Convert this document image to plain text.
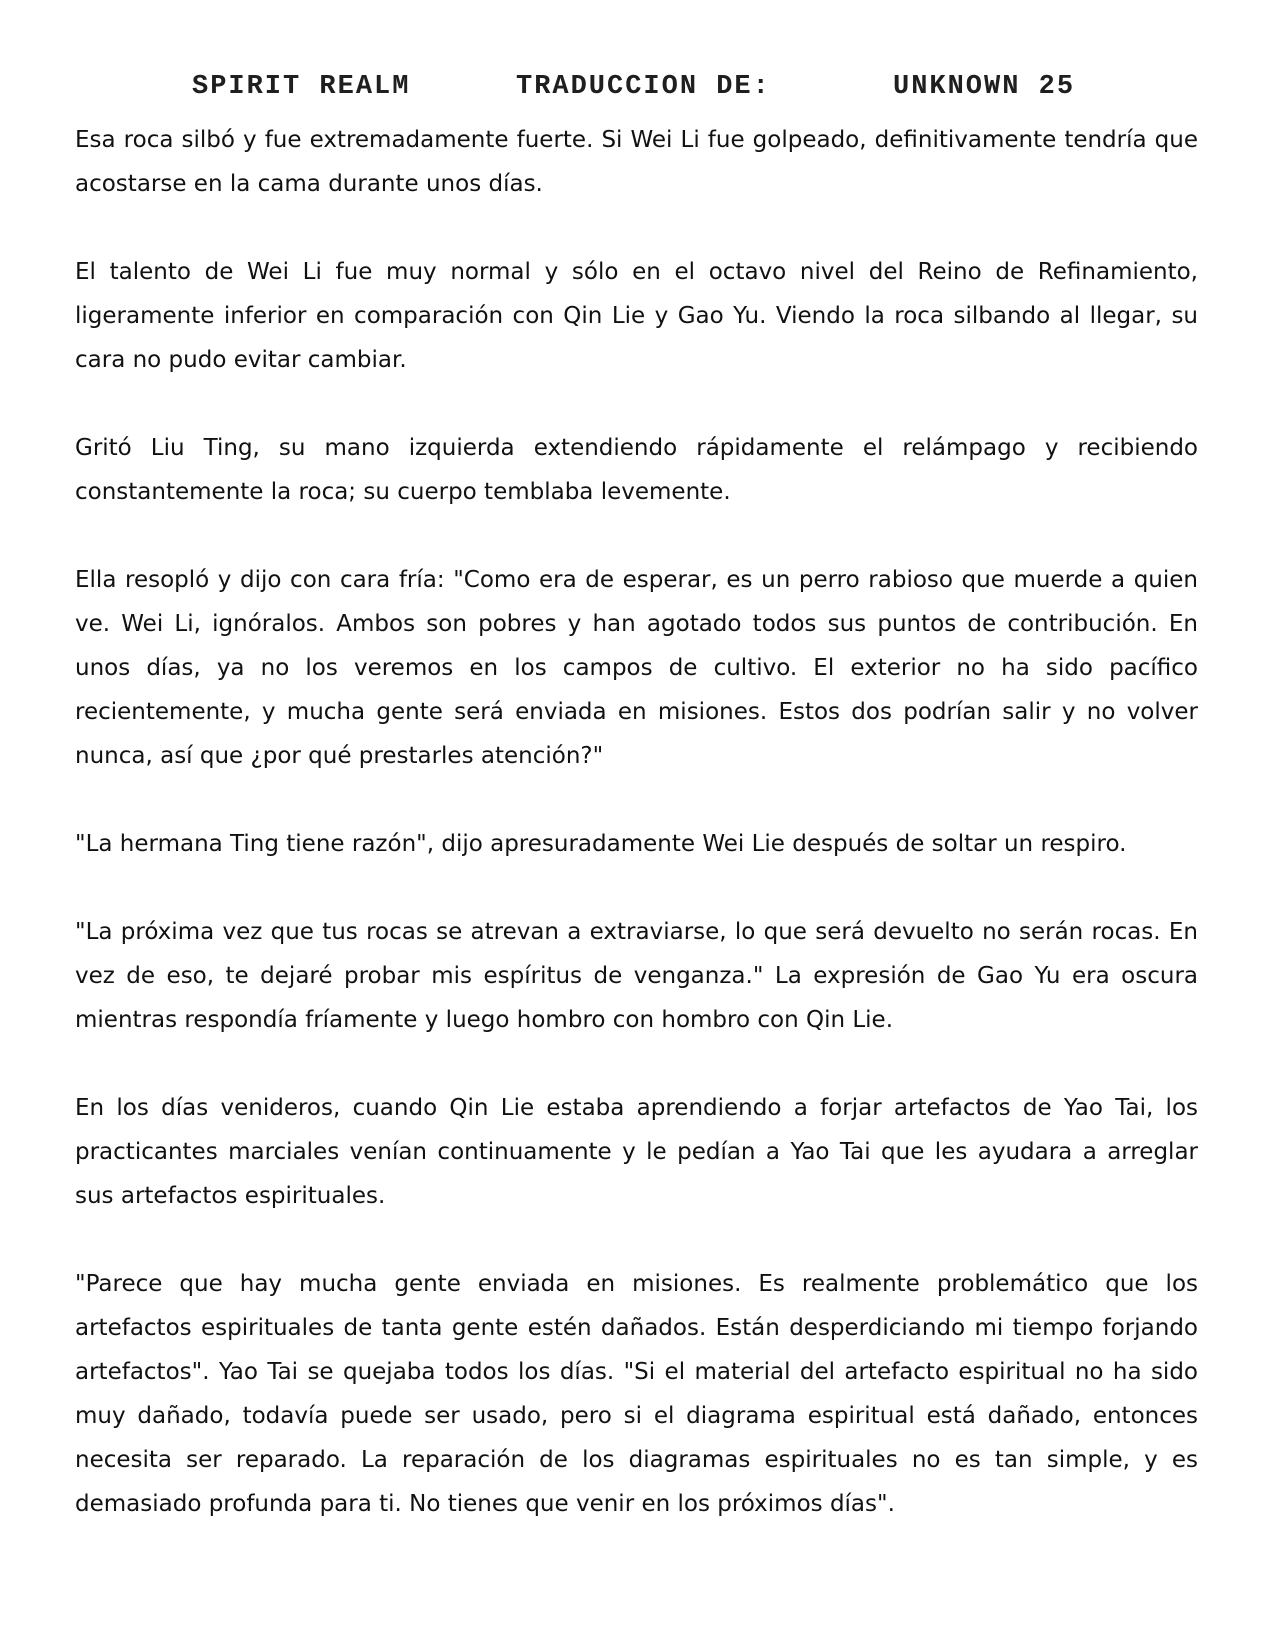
SPIRIT REALM	TRADUCCION DE:	UNKNOWN 25

Esa roca silbó y fue extremadamente fuerte. Si Wei Li fue golpeado, definitivamente tendría que acostarse en la cama durante unos días.

El talento de Wei Li fue muy normal y sólo en el octavo nivel del Reino de Refinamiento, ligeramente inferior en comparación con Qin Lie y Gao Yu. Viendo la roca silbando al llegar, su cara no pudo evitar cambiar.

Gritó Liu Ting, su mano izquierda extendiendo rápidamente el relámpago y recibiendo constantemente la roca; su cuerpo temblaba levemente.

Ella resopló y dijo con cara fría: "Como era de esperar, es un perro rabioso que muerde a quien ve. Wei Li, ignóralos. Ambos son pobres y han agotado todos sus puntos de contribución. En unos días, ya no los veremos en los campos de cultivo. El exterior no ha sido pacífico recientemente, y mucha gente será enviada en misiones. Estos dos podrían salir y no volver nunca, así que ¿por qué prestarles atención?"

"La hermana Ting tiene razón", dijo apresuradamente Wei Lie después de soltar un respiro.

"La próxima vez que tus rocas se atrevan a extraviarse, lo que será devuelto no serán rocas. En vez de eso, te dejaré probar mis espíritus de venganza." La expresión de Gao Yu era oscura mientras respondía fríamente y luego hombro con hombro con Qin Lie.

En los días venideros, cuando Qin Lie estaba aprendiendo a forjar artefactos de Yao Tai, los practicantes marciales venían continuamente y le pedían a Yao Tai que les ayudara a arreglar sus artefactos espirituales.

"Parece que hay mucha gente enviada en misiones. Es realmente problemático que los artefactos espirituales de tanta gente estén dañados. Están desperdiciando mi tiempo forjando artefactos". Yao Tai se quejaba todos los días. "Si el material del artefacto espiritual no ha sido muy dañado, todavía puede ser usado, pero si el diagrama espiritual está dañado, entonces necesita ser reparado. La reparación de los diagramas espirituales no es tan simple, y es demasiado profunda para ti. No tienes que venir en los próximos días".
